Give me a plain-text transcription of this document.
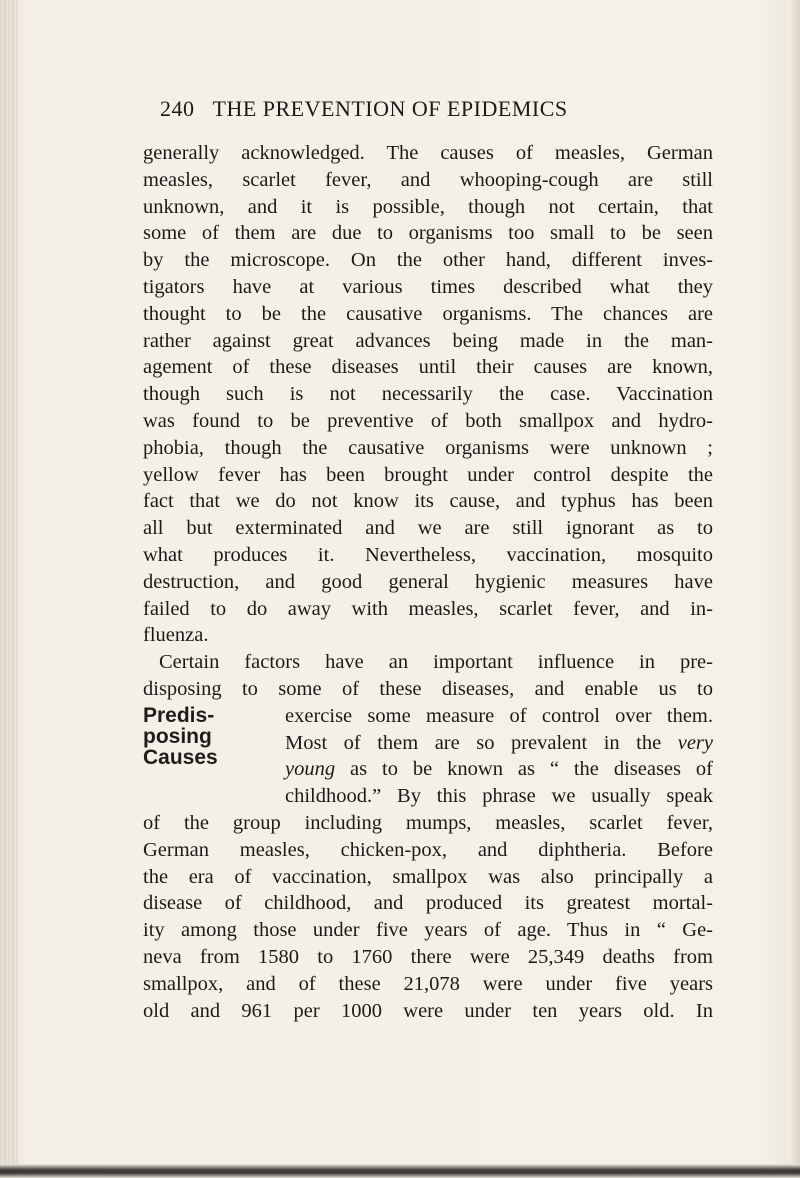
240 THE PREVENTION OF EPIDEMICS
Predis-
posing
Causes
generally acknowledged. The causes of measles, German
measles, scarlet fever, and whooping-cough are still
unknown, and it is possible, though not certain, that
some of them are due to organisms too small to be seen
by the microscope. On the other hand, different inves-
tigators have at various times described what they
thought to be the causative organisms. The chances are
rather against great advances being made in the man-
agement of these diseases until their causes are known,
though such is not necessarily the case. Vaccination
was found to be preventive of both smallpox and hydro-
phobia, though the causative organisms were unknown ;
yellow fever has been brought under control despite the
fact that we do not know its cause, and typhus has been
all but exterminated and we are still ignorant as to
what produces it. Nevertheless, vaccination, mosquito
destruction, and good general hygienic measures have
failed to do away with measles, scarlet fever, and in-
fluenza.
Certain factors have an important influence in pre-
disposing to some of these diseases, and enable us to
exercise some measure of control over them.
Most of them are so prevalent in the very
young as to be known as “ the diseases of
childhood.” By this phrase we usually speak
of the group including mumps, measles, scarlet fever,
German measles, chicken-pox, and diphtheria. Before
the era of vaccination, smallpox was also principally a
disease of childhood, and produced its greatest mortal-
ity among those under five years of age. Thus in “ Ge-
neva from 1580 to 1760 there were 25,349 deaths from
smallpox, and of these 21,078 were under five years
old and 961 per 1000 were under ten years old. In
